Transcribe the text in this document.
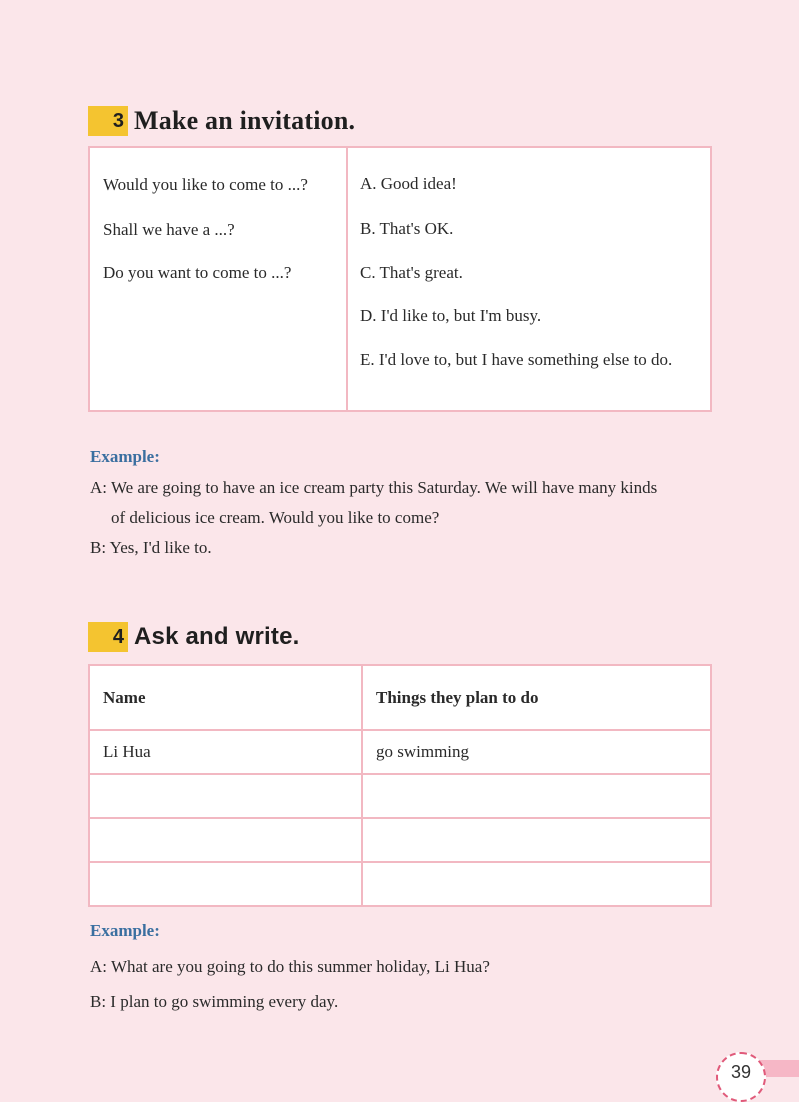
3 Make an invitation.
Would you like to come to ...?
Shall we have a ...?
Do you want to come to ...?
A. Good idea!
B. That's OK.
C. That's great.
D. I'd like to, but I'm busy.
E. I'd love to, but I have something else to do.
Example:
A: We are going to have an ice cream party this Saturday. We will have many kinds
of delicious ice cream. Would you like to come?
B: Yes, I'd like to.
4 Ask and write.
Name	Things they plan to do
Li Hua	go swimming

Example:
A: What are you going to do this summer holiday, Li Hua?
B: I plan to go swimming every day.
39
